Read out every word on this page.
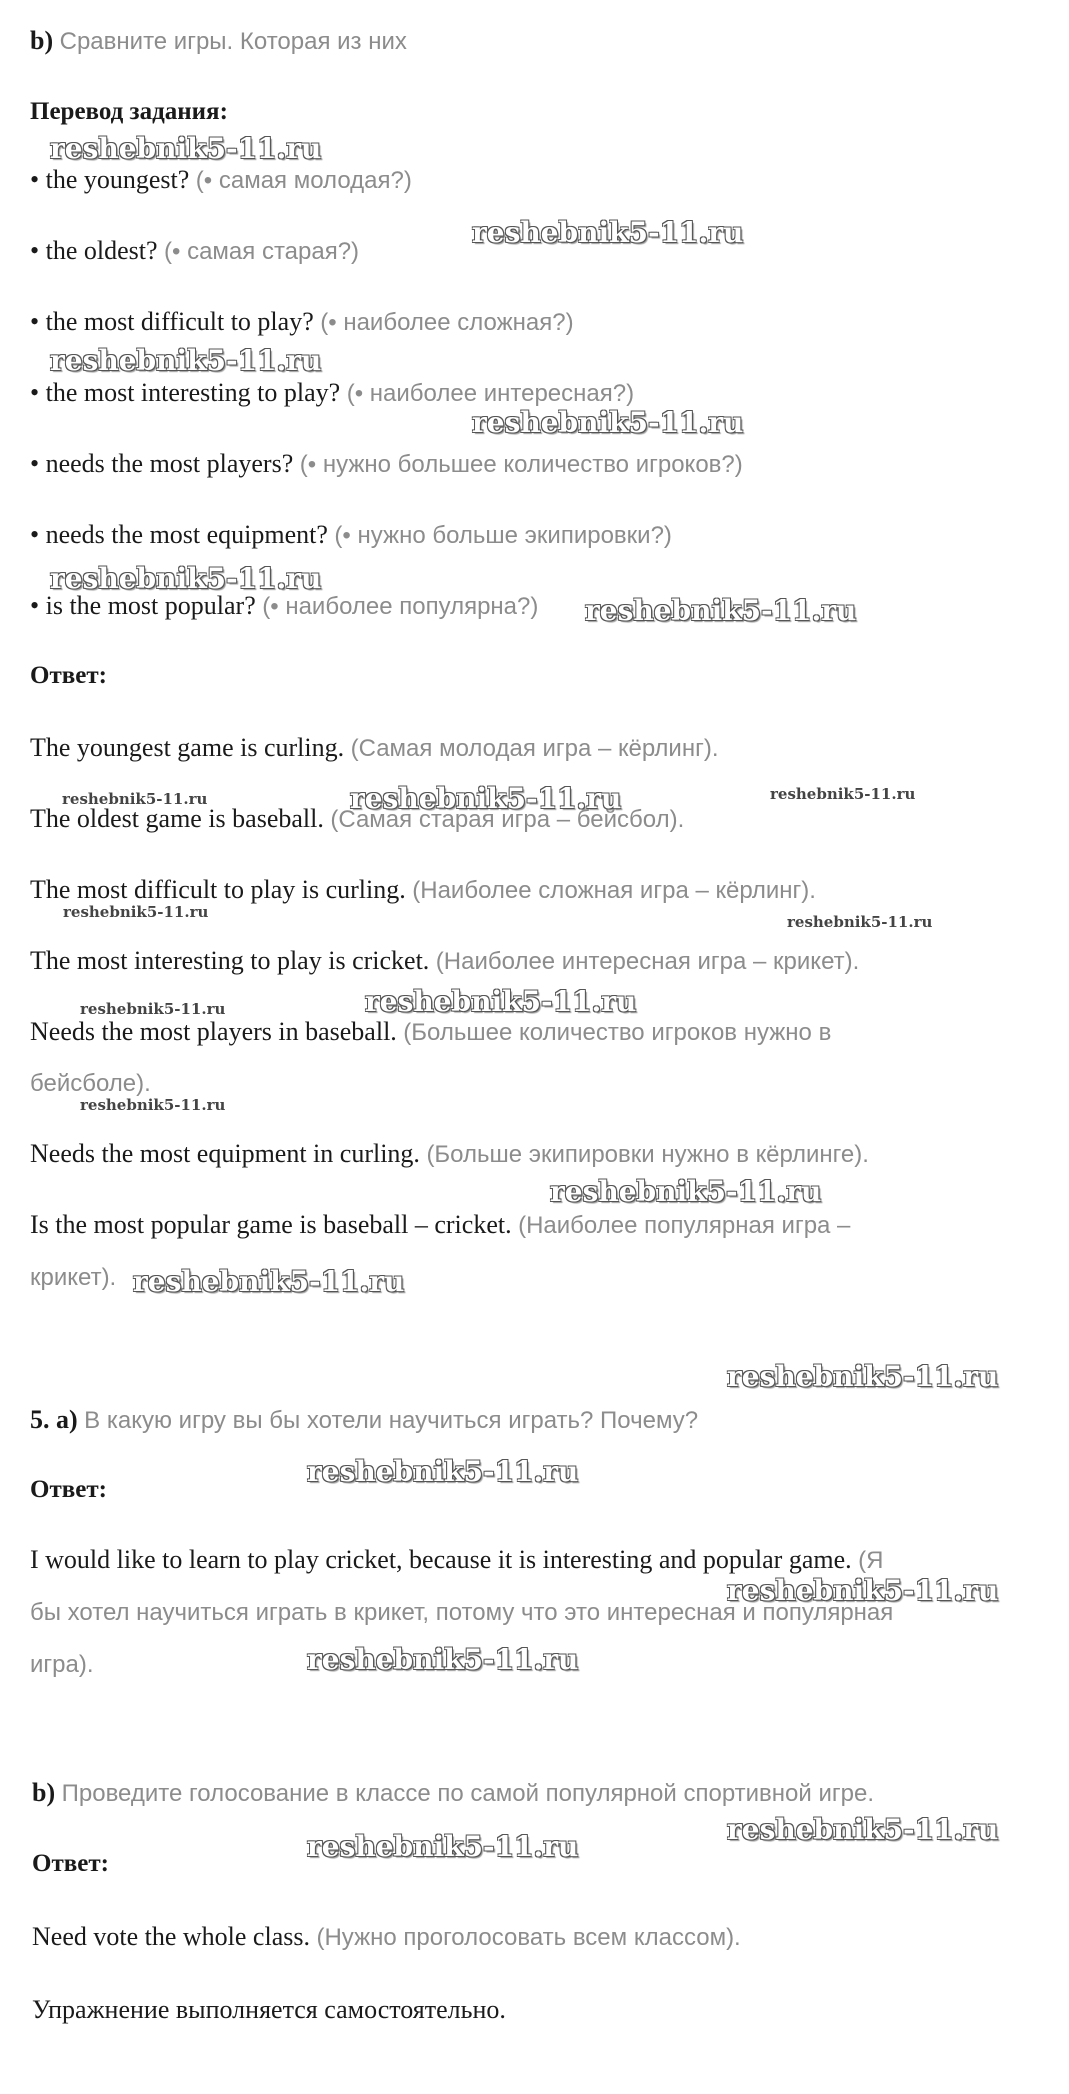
b) Сравните игры. Которая из них
Перевод задания:
• the youngest? (• самая молодая?)
• the oldest? (• самая старая?)
• the most difficult to play? (• наиболее сложная?)
• the most interesting to play? (• наиболее интересная?)
• needs the most players? (• нужно большее количество игроков?)
• needs the most equipment? (• нужно больше экипировки?)
• is the most popular? (• наиболее популярна?)
Ответ:
The youngest game is curling. (Самая молодая игра – кёрлинг).
The oldest game is baseball. (Самая старая игра – бейсбол).
The most difficult to play is curling. (Наиболее сложная игра – кёрлинг).
The most interesting to play is cricket. (Наиболее интересная игра – крикет).
Needs the most players in baseball. (Большее количество игроков нужно в
бейсболе).
Needs the most equipment in curling. (Больше экипировки нужно в кёрлинге).
Is the most popular game is baseball – cricket. (Наиболее популярная игра –
крикет).
5. а) В какую игру вы бы хотели научиться играть? Почему?
Ответ:
I would like to learn to play cricket, because it is interesting and popular game. (Я
бы хотел научиться играть в крикет, потому что это интересная и популярная
игра).
b) Проведите голосование в классе по самой популярной спортивной игре.
Ответ:
Need vote the whole class. (Нужно проголосовать всем классом).
Упражнение выполняется самостоятельно.
reshebnik5-11.ru
reshebnik5-11.ru
reshebnik5-11.ru
reshebnik5-11.ru
reshebnik5-11.ru
reshebnik5-11.ru
reshebnik5-11.ru	reshebnik5-11.ru	reshebnik5-11.ru
reshebnik5-11.ru
reshebnik5-11.ru
reshebnik5-11.ru	reshebnik5-11.ru
reshebnik5-11.ru
reshebnik5-11.ru
reshebnik5-11.ru
reshebnik5-11.ru
reshebnik5-11.ru
reshebnik5-11.ru
reshebnik5-11.ru
reshebnik5-11.ru
reshebnik5-11.ru
